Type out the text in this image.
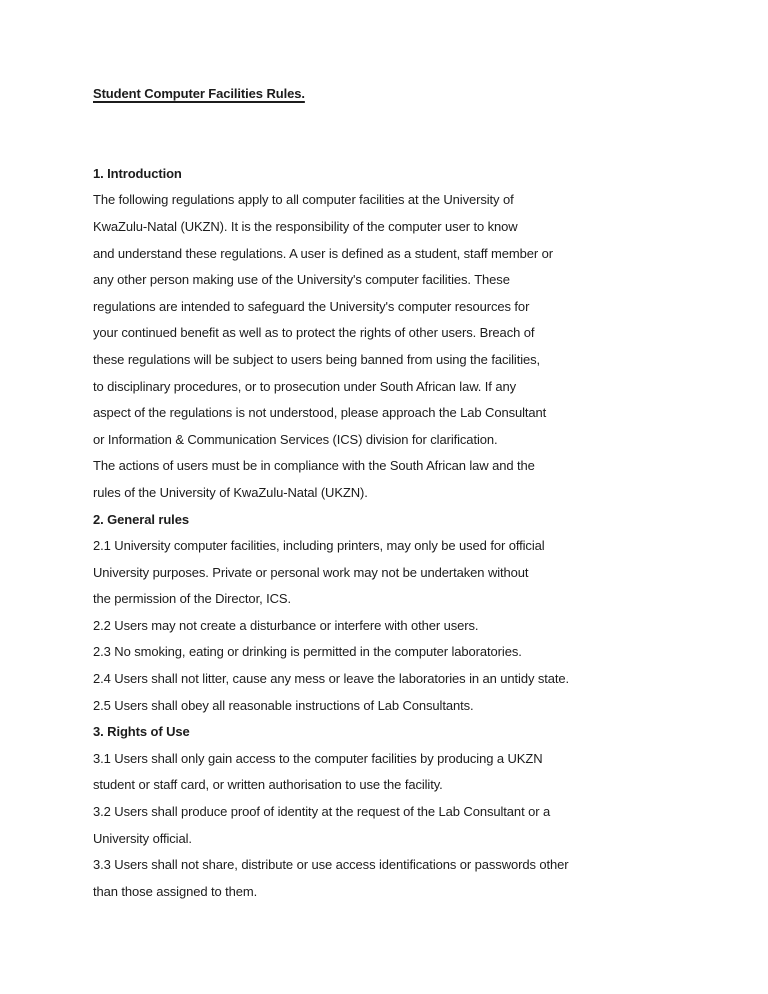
Student Computer Facilities Rules.
1. Introduction
The following regulations apply to all computer facilities at the University of
KwaZulu-Natal (UKZN). It is the responsibility of the computer user to know
and understand these regulations. A user is defined as a student, staff member or
any other person making use of the University's computer facilities. These
regulations are intended to safeguard the University's computer resources for
your continued benefit as well as to protect the rights of other users. Breach of
these regulations will be subject to users being banned from using the facilities,
to disciplinary procedures, or to prosecution under South African law. If any
aspect of the regulations is not understood, please approach the Lab Consultant
or Information & Communication Services (ICS) division for clarification.
The actions of users must be in compliance with the South African law and the
rules of the University of KwaZulu-Natal (UKZN).
2. General rules
2.1 University computer facilities, including printers, may only be used for official
University purposes. Private or personal work may not be undertaken without
the permission of the Director, ICS.
2.2 Users may not create a disturbance or interfere with other users.
2.3 No smoking, eating or drinking is permitted in the computer laboratories.
2.4 Users shall not litter, cause any mess or leave the laboratories in an untidy state.
2.5 Users shall obey all reasonable instructions of Lab Consultants.
3. Rights of Use
3.1 Users shall only gain access to the computer facilities by producing a UKZN
student or staff card, or written authorisation to use the facility.
3.2 Users shall produce proof of identity at the request of the Lab Consultant or a
University official.
3.3 Users shall not share, distribute or use access identifications or passwords other
than those assigned to them.
